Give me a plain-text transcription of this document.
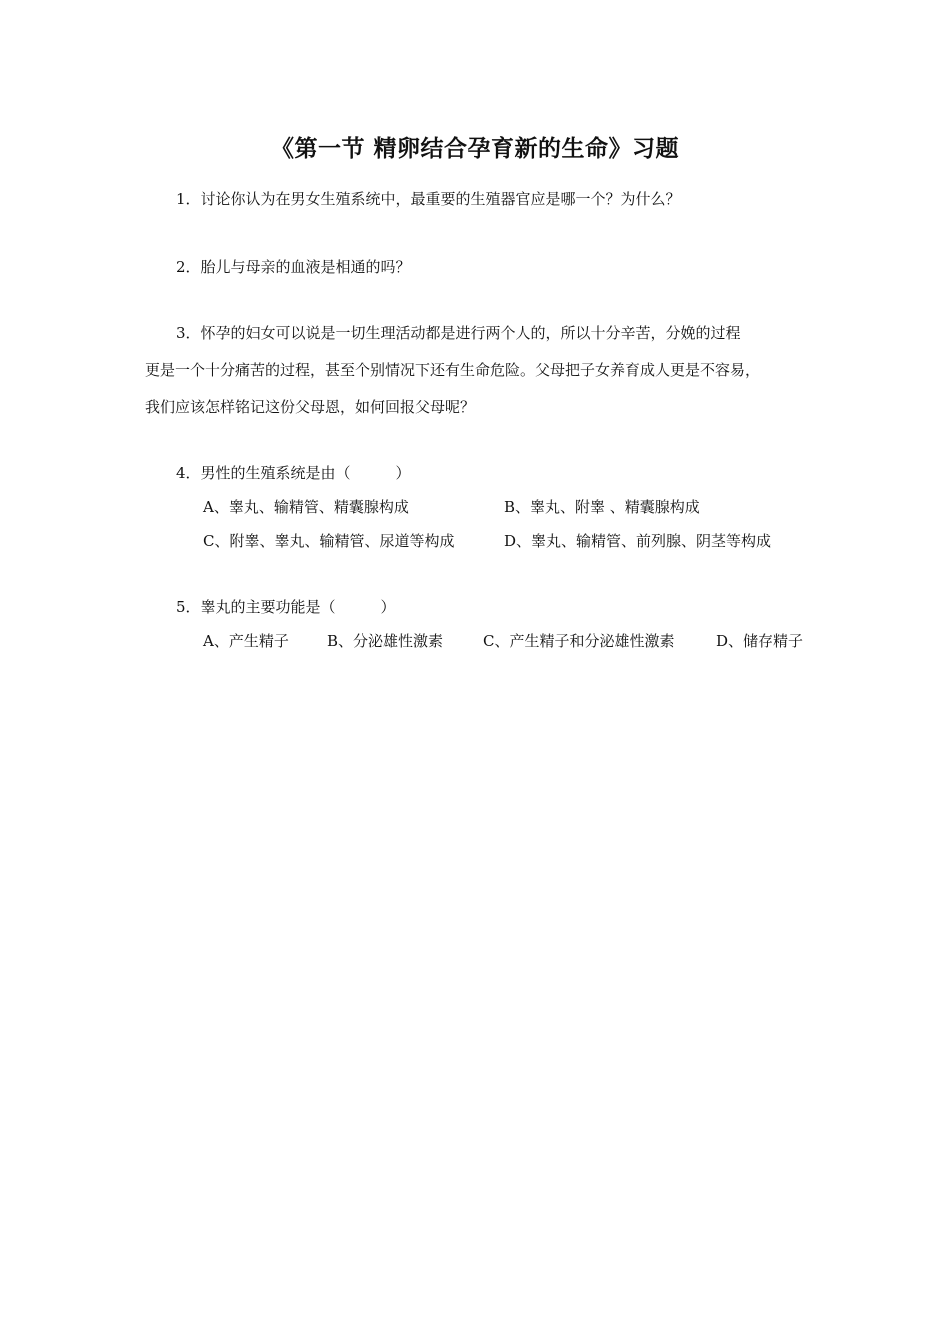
《第一节 精卵结合孕育新的生命》习题
1．讨论你认为在男女生殖系统中，最重要的生殖器官应是哪一个？为什么？
2．胎儿与母亲的血液是相通的吗？
3．怀孕的妇女可以说是一切生理活动都是进行两个人的，所以十分辛苦，分娩的过程
更是一个十分痛苦的过程，甚至个别情况下还有生命危险。父母把子女养育成人更是不容易，
我们应该怎样铭记这份父母恩，如何回报父母呢？
4．男性的生殖系统是由（　　　）
A、睾丸、输精管、精囊腺构成	B、睾丸、附睾 、精囊腺构成
C、附睾、睾丸、输精管、尿道等构成	D、睾丸、输精管、前列腺、阴茎等构成
5．睾丸的主要功能是（　　　）
A、产生精子	B、分泌雄性激素	C、产生精子和分泌雄性激素	D、储存精子
